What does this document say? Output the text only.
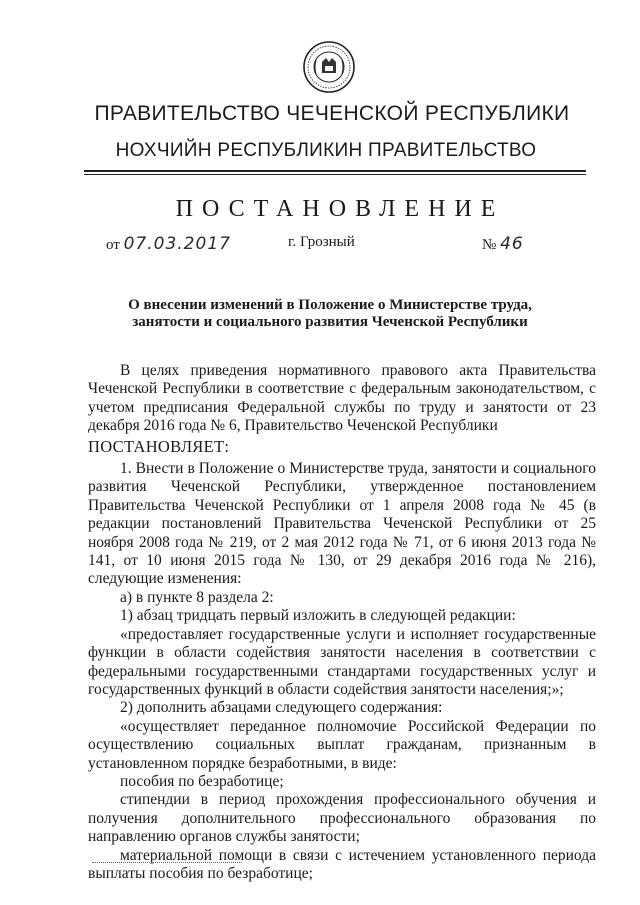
ПРАВИТЕЛЬСТВО ЧЕЧЕНСКОЙ РЕСПУБЛИКИ
НОХЧИЙН РЕСПУБЛИКИН ПРАВИТЕЛЬСТВО
ПОСТАНОВЛЕНИЕ
от 07.03.2017	г. Грозный	№ 46
О внесении изменений в Положение о Министерстве труда, занятости и социального развития Чеченской Республики

В целях приведения нормативного правового акта Правительства Чеченской Республики в соответствие с федеральным законодательством, с учетом предписания Федеральной службы по труду и занятости от 23 декабря 2016 года № 6, Правительство Чеченской Республики

ПОСТАНОВЛЯЕТ:

1. Внести в Положение о Министерстве труда, занятости и социального развития Чеченской Республики, утвержденное постановлением Правительства Чеченской Республики от 1 апреля 2008 года № 45 (в редакции постановлений Правительства Чеченской Республики от 25 ноября 2008 года № 219, от 2 мая 2012 года № 71, от 6 июня 2013 года № 141, от 10 июня 2015 года № 130, от 29 декабря 2016 года № 216), следующие изменения:

а) в пункте 8 раздела 2:

1) абзац тридцать первый изложить в следующей редакции:

«предоставляет государственные услуги и исполняет государственные функции в области содействия занятости населения в соответствии с федеральными государственными стандартами государственных услуг и государственных функций в области содействия занятости населения;»;

2) дополнить абзацами следующего содержания:

«осуществляет переданное полномочие Российской Федерации по осуществлению социальных выплат гражданам, признанным в установленном порядке безработными, в виде:

пособия по безработице;

стипендии в период прохождения профессионального обучения и получения дополнительного профессионального образования по направлению органов службы занятости;

материальной помощи в связи с истечением установленного периода выплаты пособия по безработице;
